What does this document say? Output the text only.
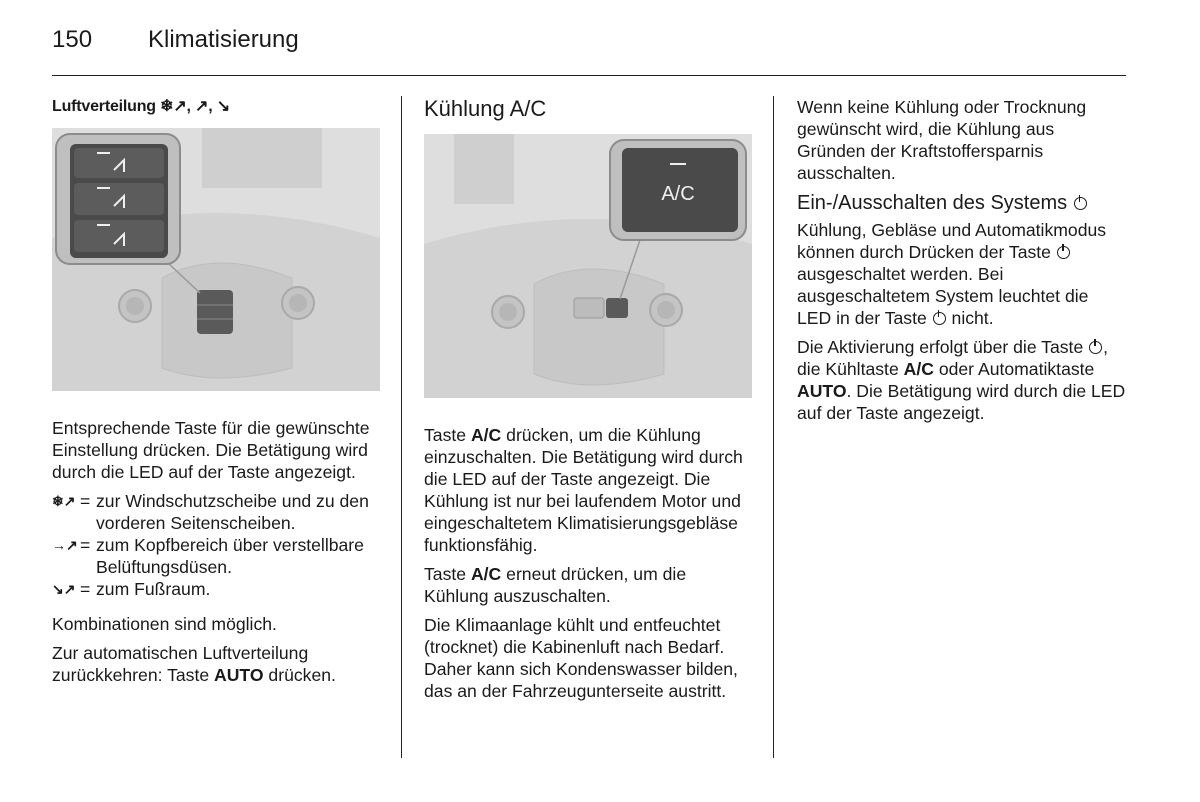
150 Klimatisierung
Luftverteilung ❄↗, ↗, ↘

Entsprechende Taste für die gewünschte Einstellung drücken. Die Betätigung wird durch die LED auf der Taste angezeigt.

❄↗ = zur Windschutzscheibe und zu den vorderen Seitenscheiben.
→↗ = zum Kopfbereich über verstellbare Belüftungsdüsen.
↘↗ = zum Fußraum.

Kombinationen sind möglich.

Zur automatischen Luftverteilung zurückkehren: Taste AUTO drücken.

Kühlung A/C
A/C

Taste A/C drücken, um die Kühlung einzuschalten. Die Betätigung wird durch die LED auf der Taste angezeigt. Die Kühlung ist nur bei laufendem Motor und eingeschaltetem Klimatisierungsgebläse funktionsfähig.

Taste A/C erneut drücken, um die Kühlung auszuschalten.

Die Klimaanlage kühlt und entfeuchtet (trocknet) die Kabinenluft nach Bedarf. Daher kann sich Kondenswasser bilden, das an der Fahrzeugunterseite austritt.

Wenn keine Kühlung oder Trocknung gewünscht wird, die Kühlung aus Gründen der Kraftstoffersparnis ausschalten.

Ein-/Ausschalten des Systems

Kühlung, Gebläse und Automatikmodus können durch Drücken der Taste  ausgeschaltet werden. Bei ausgeschaltetem System leuchtet die LED in der Taste  nicht.

Die Aktivierung erfolgt über die Taste , die Kühltaste A/C oder Automatiktaste AUTO. Die Betätigung wird durch die LED auf der Taste angezeigt.
